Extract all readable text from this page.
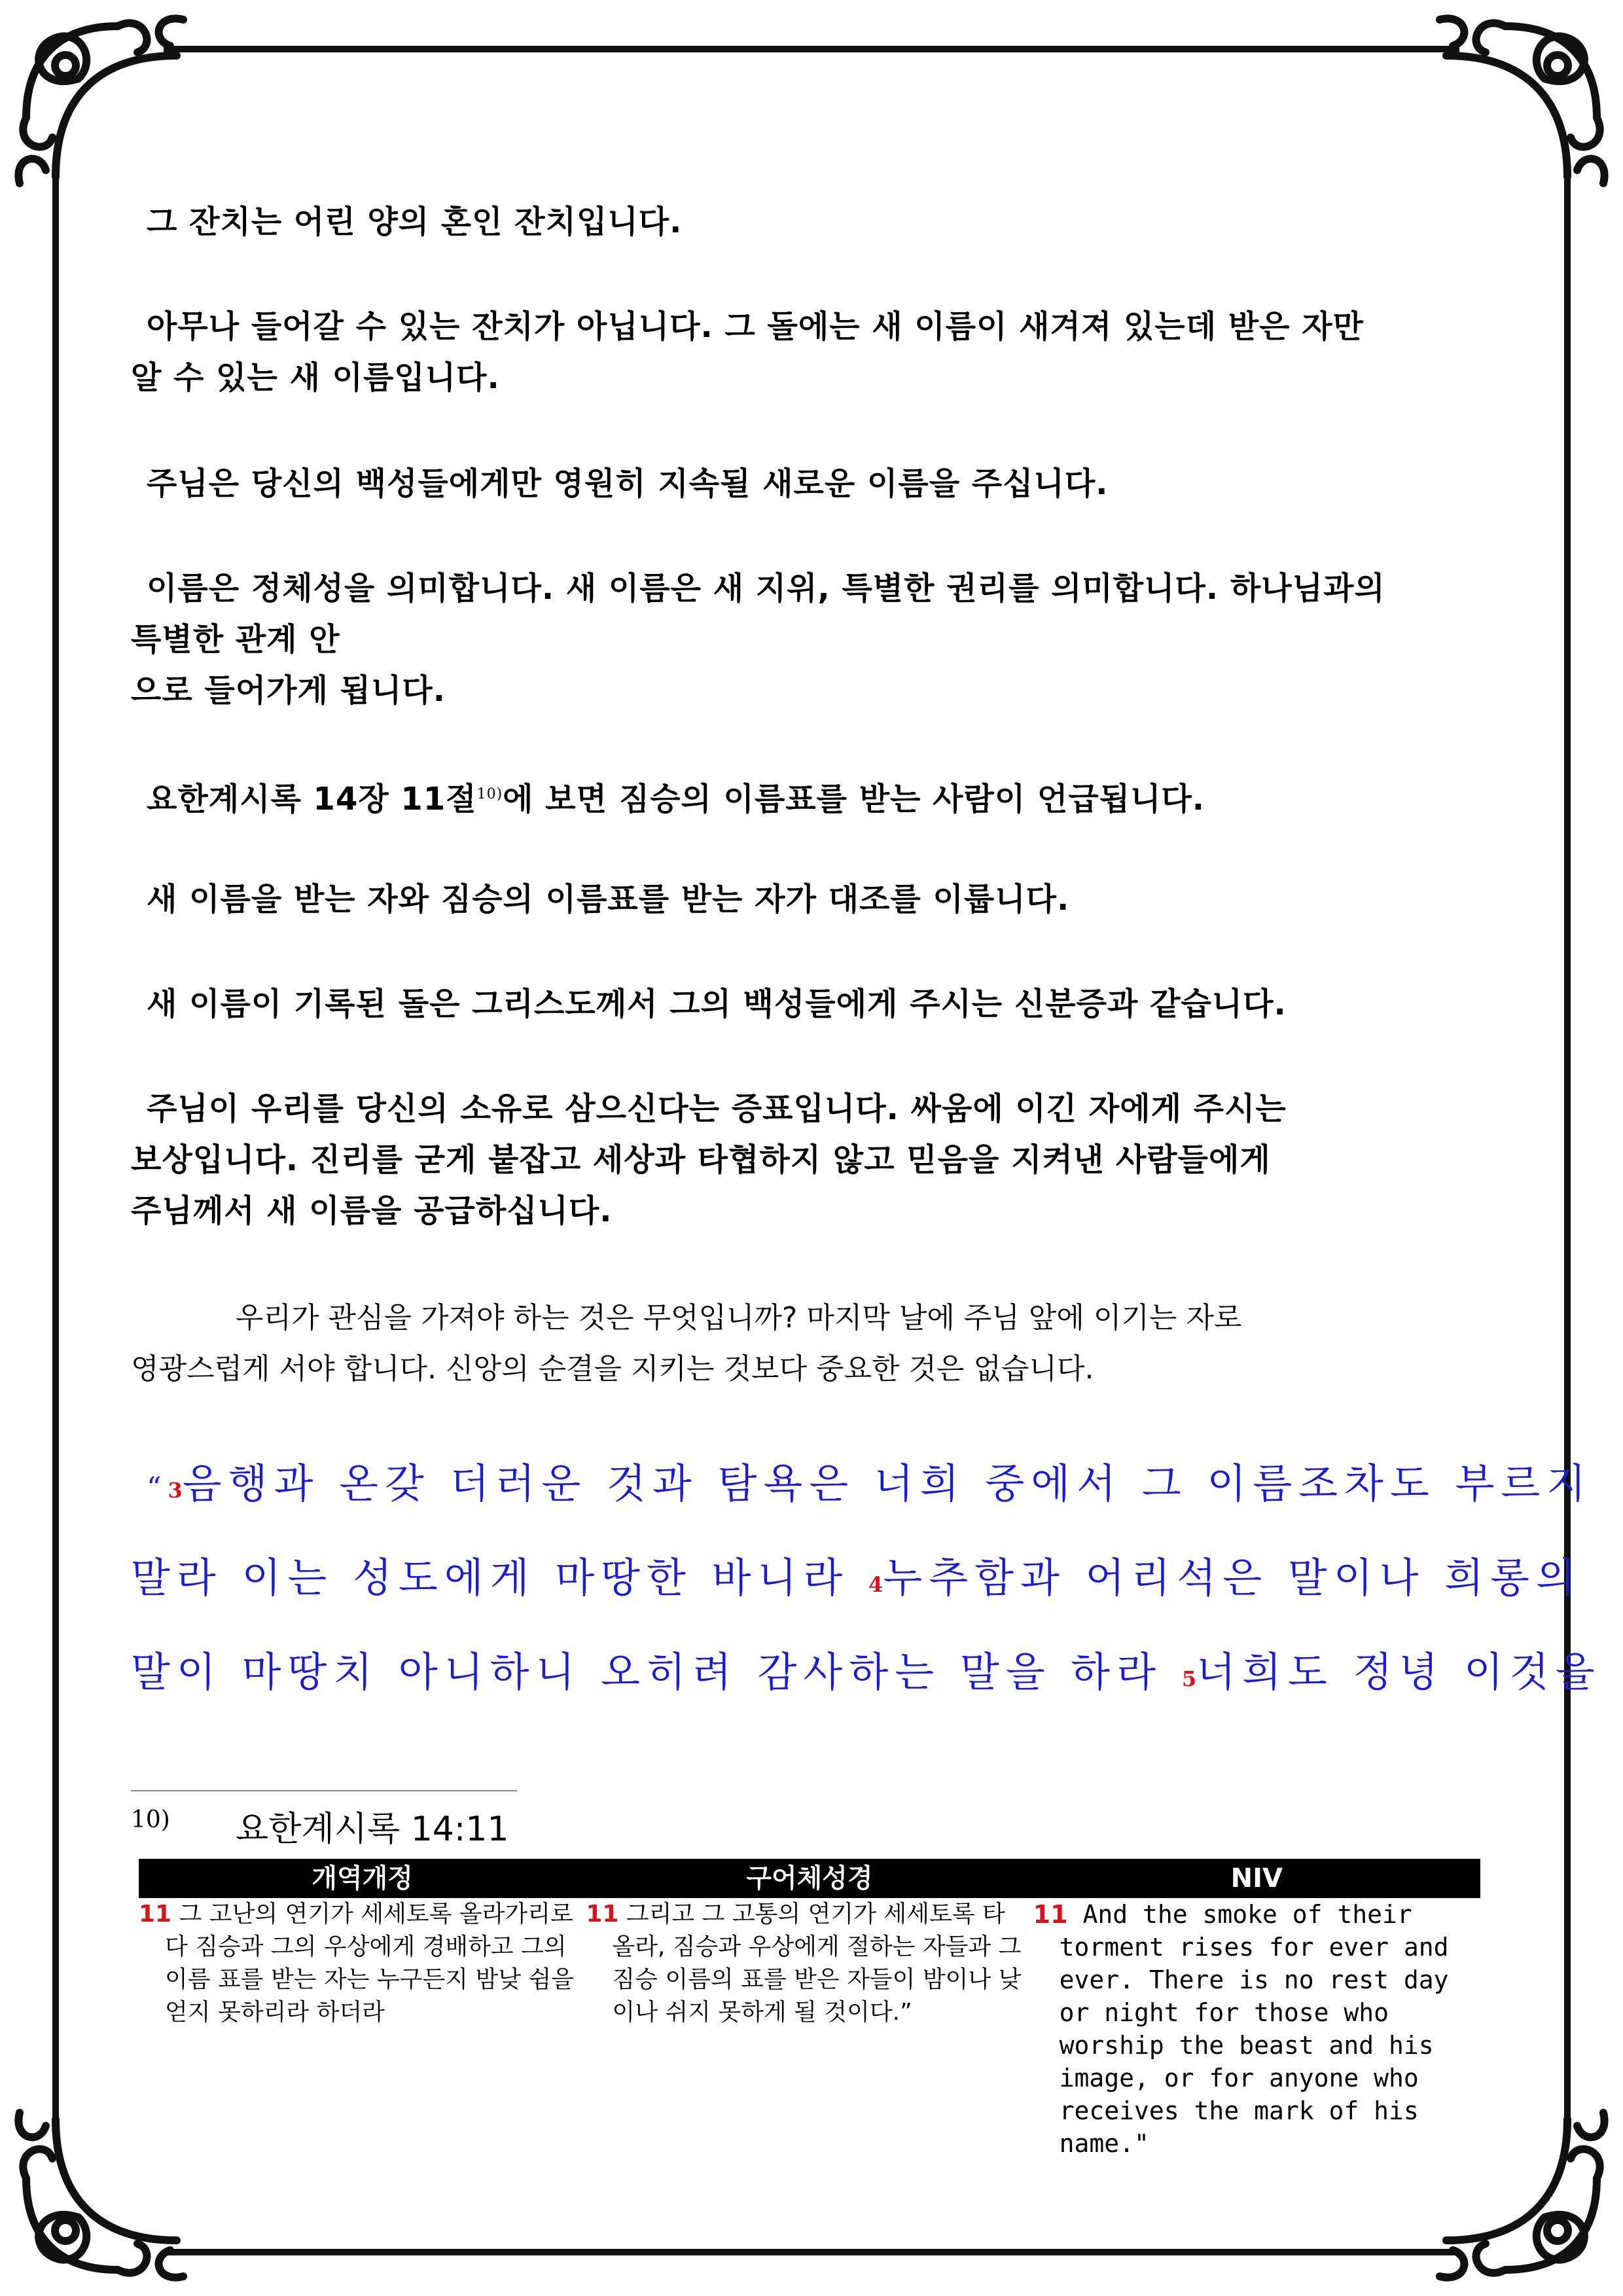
그 잔치는 어린 양의 혼인 잔치입니다.
아무나 들어갈 수 있는 잔치가 아닙니다. 그 돌에는 새 이름이 새겨져 있는데 받은 자만
알 수 있는 새 이름입니다.
주님은 당신의 백성들에게만 영원히 지속될 새로운 이름을 주십니다.
이름은 정체성을 의미합니다. 새 이름은 새 지위, 특별한 권리를 의미합니다. 하나님과의
특별한 관계 안
으로 들어가게 됩니다.
요한계시록 14장 11절$^{10)}$에 보면 짐승의 이름표를 받는 사람이 언급됩니다.
새 이름을 받는 자와 짐승의 이름표를 받는 자가 대조를 이룹니다.
새 이름이 기록된 돌은 그리스도께서 그의 백성들에게 주시는 신분증과 같습니다.
주님이 우리를 당신의 소유로 삼으신다는 증표입니다. 싸움에 이긴 자에게 주시는
보상입니다. 진리를 굳게 붙잡고 세상과 타협하지 않고 믿음을 지켜낸 사람들에게
주님께서 새 이름을 공급하십니다.
우리가 관심을 가져야 하는 것은 무엇입니까? 마지막 날에 주님 앞에 이기는 자로
영광스럽게 서야 합니다. 신앙의 순결을 지키는 것보다 중요한 것은 없습니다.
“3음행과 온갖 더러운 것과 탐욕은 너희 중에서 그 이름조차도 부르지
말라 이는 성도에게 마땅한 바니라 4누추함과 어리석은 말이나 희롱의
말이 마땅치 아니하니 오히려 감사하는 말을 하라 5너희도 정녕 이것을
10) 요한계시록 14:11
개역개정	구어체성경	NIV
11 그 고난의 연기가 세세토록 올라가리로다 짐승과 그의 우상에게 경배하고 그의 이름 표를 받는 자는 누구든지 밤낮 쉼을 얻지 못하리라 하더라
11 그리고 그 고통의 연기가 세세토록 타올라, 짐승과 우상에게 절하는 자들과 그 짐승 이름의 표를 받은 자들이 밤이나 낮이나 쉬지 못하게 될 것이다.”
11 And the smoke of their torment rises for ever and ever. There is no rest day or night for those who worship the beast and his image, or for anyone who receives the mark of his name."
